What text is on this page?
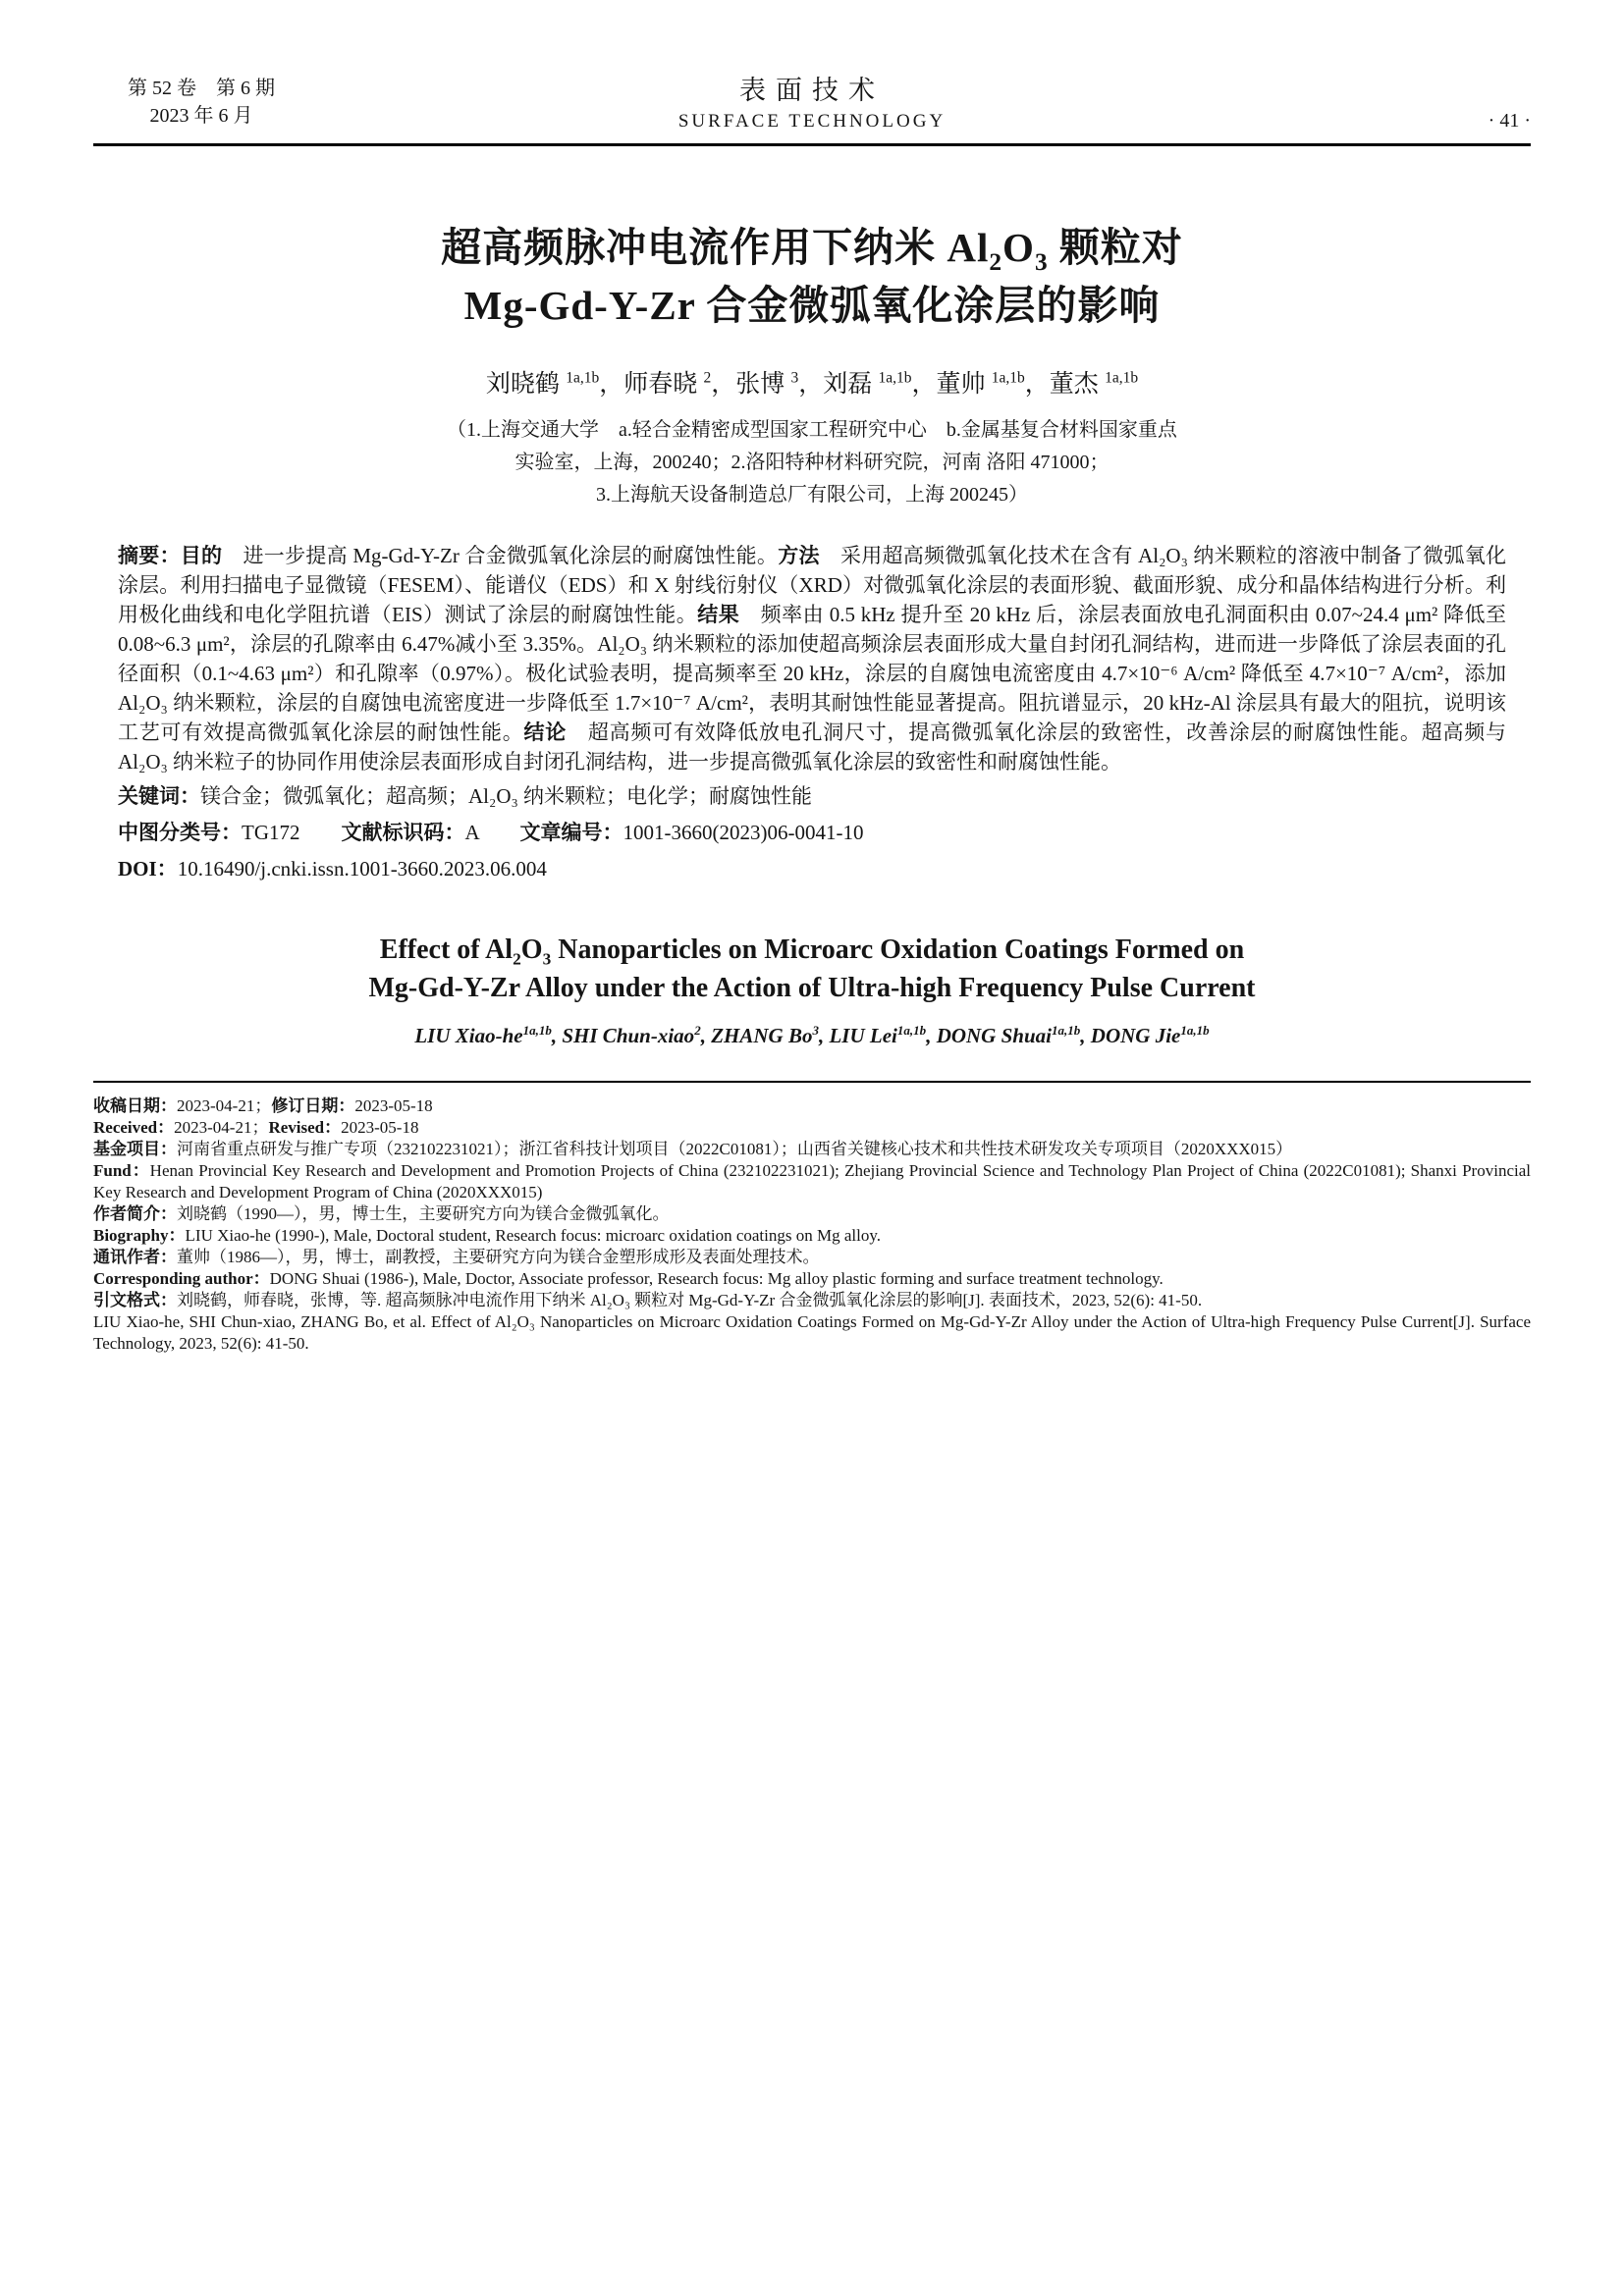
第 52 卷　第 6 期
2023 年 6 月
表面技术
SURFACE TECHNOLOGY	· 41 ·
超高频脉冲电流作用下纳米 $Al_2O_3$ 颗粒对
Mg-Gd-Y-Zr 合金微弧氧化涂层的影响
刘晓鹤 $^{1a,1b}$，师春晓 $^2$，张博 $^3$，刘磊 $^{1a,1b}$，董帅 $^{1a,1b}$，董杰 $^{1a,1b}$
（1.上海交通大学　a.轻合金精密成型国家工程研究中心　b.金属基复合材料国家重点
实验室，上海，200240；2.洛阳特种材料研究院，河南 洛阳 471000；
3.上海航天设备制造总厂有限公司，上海 200245）

摘要：目的　进一步提高 Mg-Gd-Y-Zr 合金微弧氧化涂层的耐腐蚀性能。方法　采用超高频微弧氧化技术在含有 Al₂O₃ 纳米颗粒的溶液中制备了微弧氧化涂层。利用扫描电子显微镜（FESEM）、能谱仪（EDS）和 X 射线衍射仪（XRD）对微弧氧化涂层的表面形貌、截面形貌、成分和晶体结构进行分析。利用极化曲线和电化学阻抗谱（EIS）测试了涂层的耐腐蚀性能。结果　频率由 0.5 kHz 提升至 20 kHz 后，涂层表面放电孔洞面积由 0.07~24.4 μm² 降低至 0.08~6.3 μm²，涂层的孔隙率由 6.47%减小至 3.35%。Al₂O₃ 纳米颗粒的添加使超高频涂层表面形成大量自封闭孔洞结构，进而进一步降低了涂层表面的孔径面积（0.1~4.63 μm²）和孔隙率（0.97%）。极化试验表明，提高频率至 20 kHz，涂层的自腐蚀电流密度由 4.7×10⁻⁶ A/cm² 降低至 4.7×10⁻⁷ A/cm²，添加 Al₂O₃ 纳米颗粒，涂层的自腐蚀电流密度进一步降低至 1.7×10⁻⁷ A/cm²，表明其耐蚀性能显著提高。阻抗谱显示，20 kHz-Al 涂层具有最大的阻抗，说明该工艺可有效提高微弧氧化涂层的耐蚀性能。结论　超高频可有效降低放电孔洞尺寸，提高微弧氧化涂层的致密性，改善涂层的耐腐蚀性能。超高频与 Al₂O₃ 纳米粒子的协同作用使涂层表面形成自封闭孔洞结构，进一步提高微弧氧化涂层的致密性和耐腐蚀性能。

关键词：镁合金；微弧氧化；超高频；Al₂O₃ 纳米颗粒；电化学；耐腐蚀性能

中图分类号：TG172　　文献标识码：A　　文章编号：1001-3660(2023)06-0041-10

DOI：10.16490/j.cnki.issn.1001-3660.2023.06.004

Effect of $Al_2O_3$ Nanoparticles on Microarc Oxidation Coatings Formed on
Mg-Gd-Y-Zr Alloy under the Action of Ultra-high Frequency Pulse Current
LIU Xiao-$he^{1a,1b}$, SHI Chun-xiao$^2$, ZHANG Bo$^3$, LIU Lei$^{1a,1b}$, DONG Shuai$^{1a,1b}$, DONG Jie$^{1a,1b}$

收稿日期：2023-04-21；修订日期：2023-05-18

Received：2023-04-21；Revised：2023-05-18

基金项目：河南省重点研发与推广专项（232102231021）；浙江省科技计划项目（2022C01081）；山西省关键核心技术和共性技术研发攻关专项项目（2020XXX015）

Fund：Henan Provincial Key Research and Development and Promotion Projects of China (232102231021); Zhejiang Provincial Science and Technology Plan Project of China (2022C01081); Shanxi Provincial Key Research and Development Program of China (2020XXX015)

作者简介：刘晓鹤（1990—），男，博士生，主要研究方向为镁合金微弧氧化。

Biography：LIU Xiao-he (1990-), Male, Doctoral student, Research focus: microarc oxidation coatings on Mg alloy.

通讯作者：董帅（1986—），男，博士，副教授，主要研究方向为镁合金塑形成形及表面处理技术。

Corresponding author：DONG Shuai (1986-), Male, Doctor, Associate professor, Research focus: Mg alloy plastic forming and surface treatment technology.

引文格式：刘晓鹤，师春晓，张博，等. 超高频脉冲电流作用下纳米 Al₂O₃ 颗粒对 Mg-Gd-Y-Zr 合金微弧氧化涂层的影响[J]. 表面技术，2023, 52(6): 41-50.

LIU Xiao-he, SHI Chun-xiao, ZHANG Bo, et al. Effect of Al₂O₃ Nanoparticles on Microarc Oxidation Coatings Formed on Mg-Gd-Y-Zr Alloy under the Action of Ultra-high Frequency Pulse Current[J]. Surface Technology, 2023, 52(6): 41-50.
